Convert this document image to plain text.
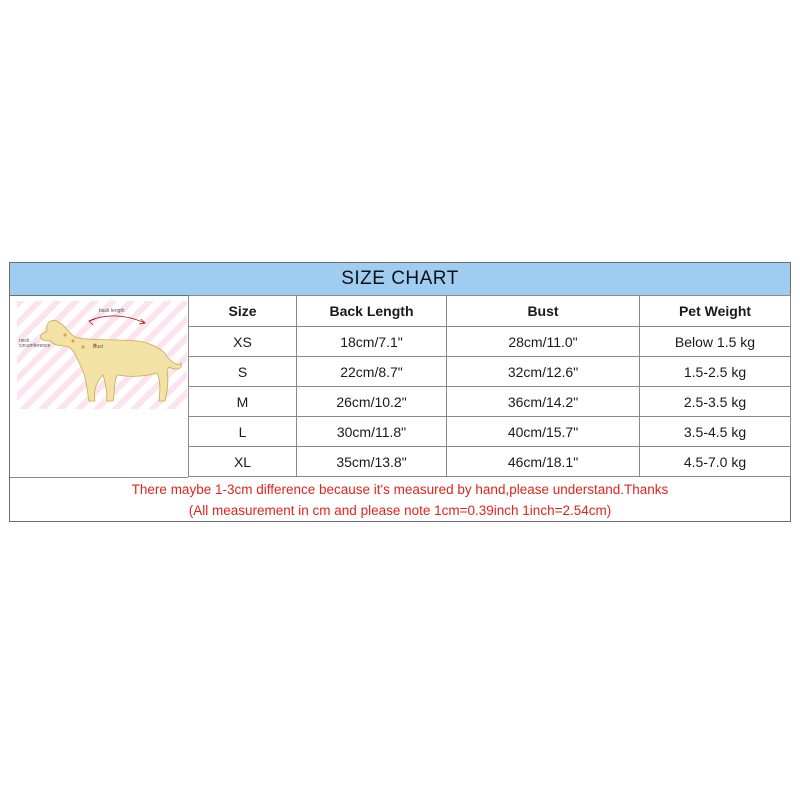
SIZE CHART
back length
neck circumference	Bust
Size	Back Length	Bust	Pet Weight
XS	18cm/7.1"	28cm/11.0"	Below 1.5 kg
S	22cm/8.7"	32cm/12.6"	1.5-2.5 kg
M	26cm/10.2"	36cm/14.2"	2.5-3.5 kg
L	30cm/11.8"	40cm/15.7"	3.5-4.5 kg
XL	35cm/13.8"	46cm/18.1"	4.5-7.0 kg
There maybe 1-3cm difference because it's measured by hand,please understand.Thanks
(All measurement in cm and please note 1cm=0.39inch 1inch=2.54cm)
